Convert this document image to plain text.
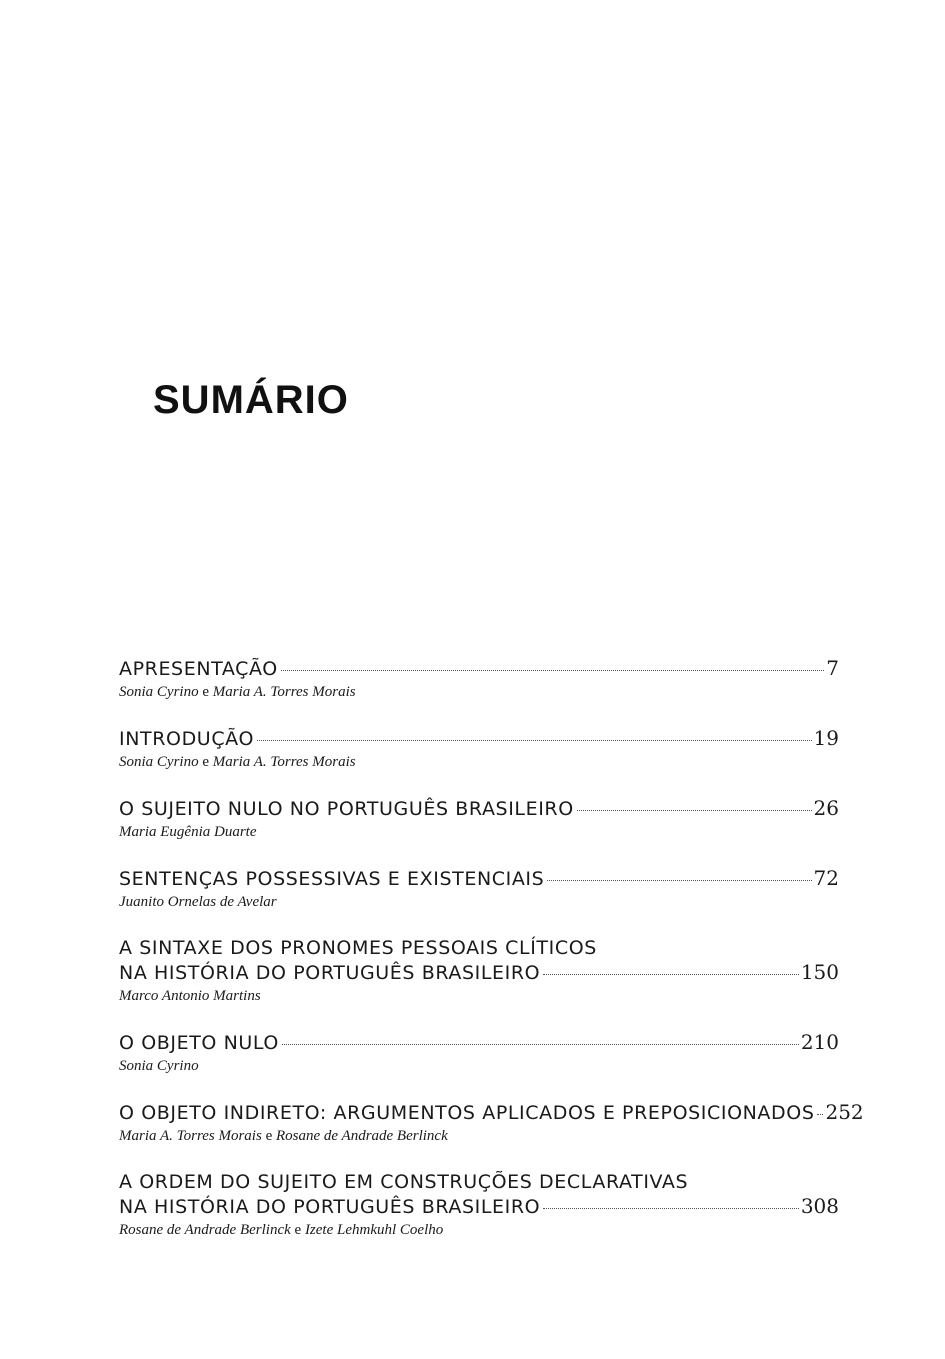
SUMÁRIO
APRESENTAÇÃO	7
Sonia Cyrino e Maria A. Torres Morais
INTRODUÇÃO	19
Sonia Cyrino e Maria A. Torres Morais
O SUJEITO NULO NO PORTUGUÊS BRASILEIRO	26
Maria Eugênia Duarte
SENTENÇAS POSSESSIVAS E EXISTENCIAIS	72
Juanito Ornelas de Avelar
A SINTAXE DOS PRONOMES PESSOAIS CLÍTICOS
NA HISTÓRIA DO PORTUGUÊS BRASILEIRO	150
Marco Antonio Martins
O OBJETO NULO	210
Sonia Cyrino
O OBJETO INDIRETO: ARGUMENTOS APLICADOS E PREPOSICIONADOS 252
Maria A. Torres Morais e Rosane de Andrade Berlinck
A ORDEM DO SUJEITO EM CONSTRUÇÕES DECLARATIVAS
NA HISTÓRIA DO PORTUGUÊS BRASILEIRO	308
Rosane de Andrade Berlinck e Izete Lehmkuhl Coelho
